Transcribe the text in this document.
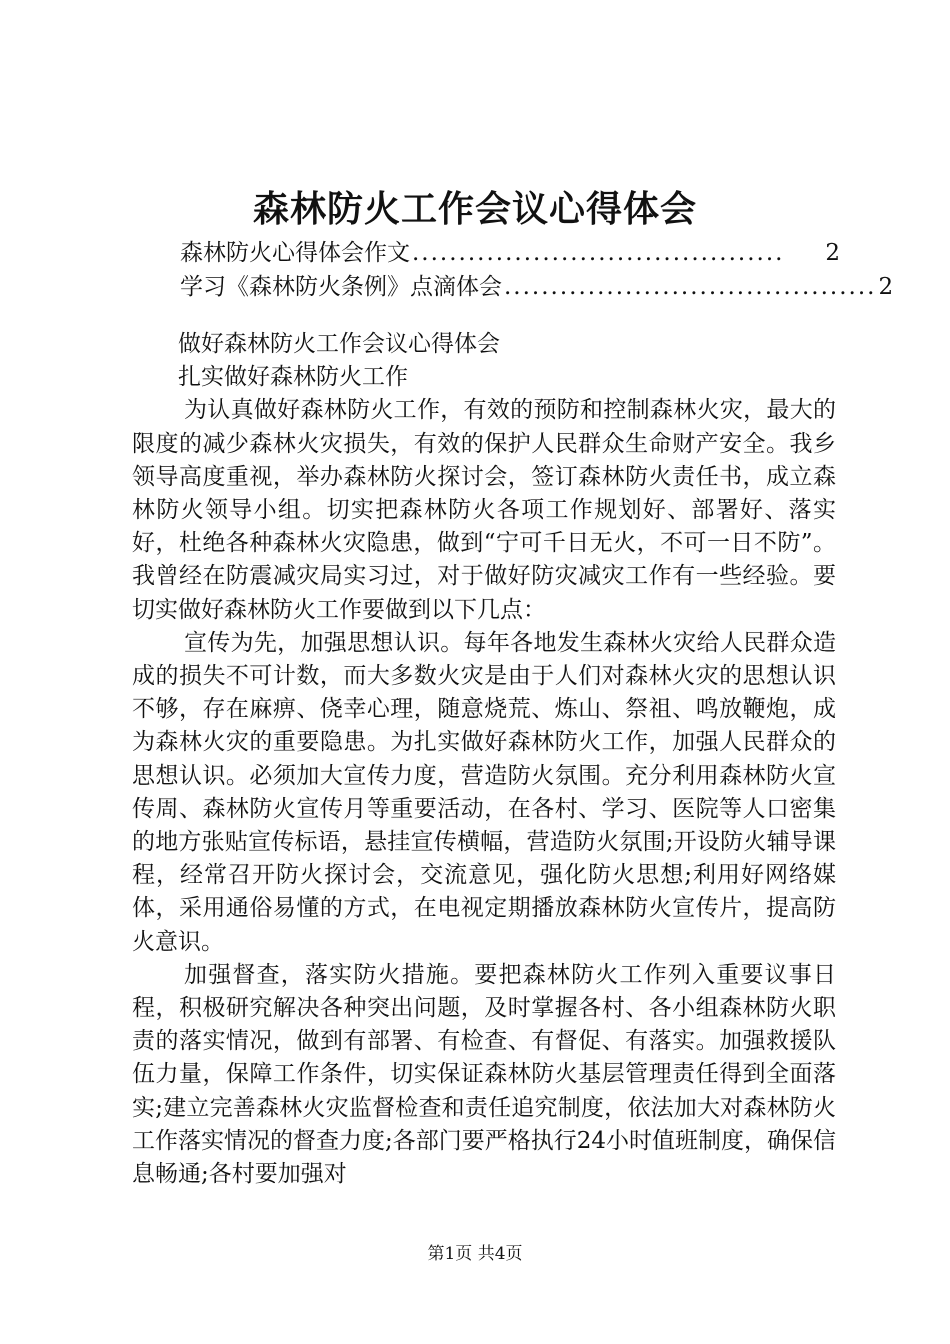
森林防火工作会议心得体会
森林防火心得体会作文 ........................................	2
学习《森林防火条例》点滴体会 ........................................ 2

做好森林防火工作会议心得体会

扎实做好森林防火工作

为认真做好森林防火工作，有效的预防和控制森林火灾，最大的限度的减少森林火灾损失，有效的保护人民群众生命财产安全。我乡领导高度重视，举办森林防火探讨会，签订森林防火责任书，成立森林防火领导小组。切实把森林防火各项工作规划好、部署好、落实好，杜绝各种森林火灾隐患，做到“宁可千日无火，不可一日不防”。我曾经在防震减灾局实习过，对于做好防灾减灾工作有一些经验。要切实做好森林防火工作要做到以下几点：

宣传为先，加强思想认识。每年各地发生森林火灾给人民群众造成的损失不可计数，而大多数火灾是由于人们对森林火灾的思想认识不够，存在麻痹、侥幸心理，随意烧荒、炼山、祭祖、鸣放鞭炮，成为森林火灾的重要隐患。为扎实做好森林防火工作，加强人民群众的思想认识。必须加大宣传力度，营造防火氛围。充分利用森林防火宣传周、森林防火宣传月等重要活动，在各村、学习、医院等人口密集的地方张贴宣传标语，悬挂宣传横幅，营造防火氛围;开设防火辅导课程，经常召开防火探讨会，交流意见，强化防火思想;利用好网络媒体，采用通俗易懂的方式，在电视定期播放森林防火宣传片，提高防火意识。

加强督查，落实防火措施。要把森林防火工作列入重要议事日程，积极研究解决各种突出问题，及时掌握各村、各小组森林防火职责的落实情况，做到有部署、有检查、有督促、有落实。加强救援队伍力量，保障工作条件，切实保证森林防火基层管理责任得到全面落实;建立完善森林火灾监督检查和责任追究制度，依法加大对森林防火工作落实情况的督查力度;各部门要严格执行24小时值班制度，确保信息畅通;各村要加强对

第1页 共4页
